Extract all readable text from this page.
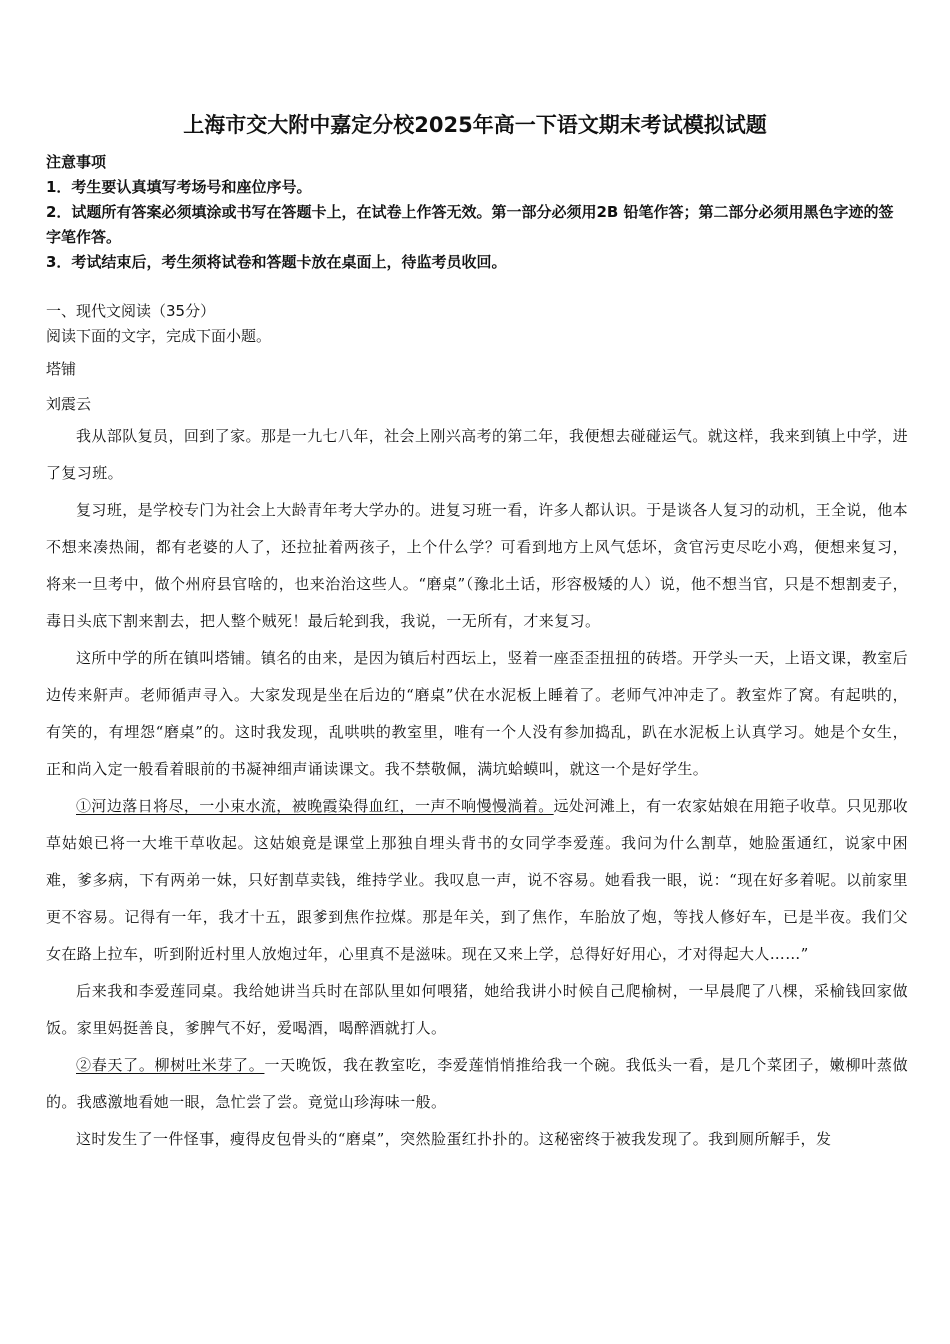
上海市交大附中嘉定分校2025年高一下语文期末考试模拟试题
注意事项
1．考生要认真填写考场号和座位序号。
2．试题所有答案必须填涂或书写在答题卡上，在试卷上作答无效。第一部分必须用2B 铅笔作答；第二部分必须用黑色字迹的签字笔作答。
3．考试结束后，考生须将试卷和答题卡放在桌面上，待监考员收回。
一、现代文阅读（35分）
阅读下面的文字，完成下面小题。
塔铺
刘震云

我从部队复员，回到了家。那是一九七八年，社会上刚兴高考的第二年，我便想去碰碰运气。就这样，我来到镇上中学，进了复习班。

复习班，是学校专门为社会上大龄青年考大学办的。进复习班一看，许多人都认识。于是谈各人复习的动机，王全说，他本不想来凑热闹，都有老婆的人了，还拉扯着两孩子，上个什么学？可看到地方上风气恁坏，贪官污吏尽吃小鸡，便想来复习，将来一旦考中，做个州府县官啥的，也来治治这些人。“磨桌”（豫北土话，形容极矮的人）说，他不想当官，只是不想割麦子，毒日头底下割来割去，把人整个贼死！最后轮到我，我说，一无所有，才来复习。

这所中学的所在镇叫塔铺。镇名的由来，是因为镇后村西坛上，竖着一座歪歪扭扭的砖塔。开学头一天，上语文课，教室后边传来鼾声。老师循声寻入。大家发现是坐在后边的“磨桌”伏在水泥板上睡着了。老师气冲冲走了。教室炸了窝。有起哄的，有笑的，有埋怨“磨桌”的。这时我发现，乱哄哄的教室里，唯有一个人没有参加捣乱，趴在水泥板上认真学习。她是个女生，正和尚入定一般看着眼前的书凝神细声诵读课文。我不禁敬佩，满坑蛤蟆叫，就这一个是好学生。

①河边落日将尽，一小束水流，被晚霞染得血红，一声不响慢慢淌着。远处河滩上，有一农家姑娘在用筢子收草。只见那收草姑娘已将一大堆干草收起。这姑娘竟是课堂上那独自埋头背书的女同学李爱莲。我问为什么割草，她脸蛋通红，说家中困难，爹多病，下有两弟一妹，只好割草卖钱，维持学业。我叹息一声，说不容易。她看我一眼，说：“现在好多着呢。以前家里更不容易。记得有一年，我才十五，跟爹到焦作拉煤。那是年关，到了焦作，车胎放了炮，等找人修好车，已是半夜。我们父女在路上拉车，听到附近村里人放炮过年，心里真不是滋味。现在又来上学，总得好好用心，才对得起大人……”

后来我和李爱莲同桌。我给她讲当兵时在部队里如何喂猪，她给我讲小时候自己爬榆树，一早晨爬了八棵，采榆钱回家做饭。家里妈挺善良，爹脾气不好，爱喝酒，喝醉酒就打人。

②春天了。柳树吐米芽了。一天晚饭，我在教室吃，李爱莲悄悄推给我一个碗。我低头一看，是几个菜团子，嫩柳叶蒸做的。我感激地看她一眼，急忙尝了尝。竟觉山珍海味一般。

这时发生了一件怪事，瘦得皮包骨头的“磨桌”，突然脸蛋红扑扑的。这秘密终于被我发现了。我到厕所解手，发
